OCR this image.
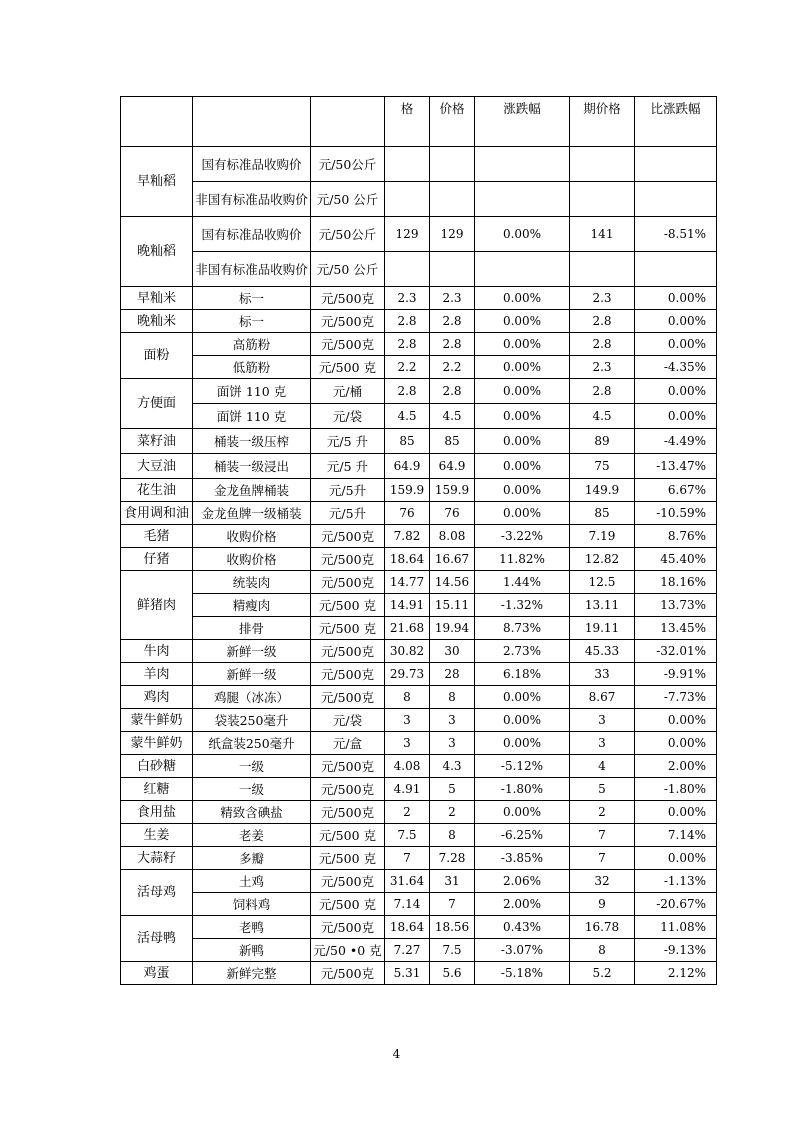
			格	价格	涨跌幅	期价格	比涨跌幅
早籼稻	国有标准品收购价	元/50公斤					
	非国有标准品收购价	元/50 公斤					
晚籼稻	国有标准品收购价	元/50公斤	129	129	0.00%	141	-8.51%
	非国有标准品收购价	元/50 公斤					
早籼米	标一	元/500克	2.3	2.3	0.00%	2.3	0.00%
晚籼米	标一	元/500克	2.8	2.8	0.00%	2.8	0.00%
面粉	高筋粉	元/500克	2.8	2.8	0.00%	2.8	0.00%
	低筋粉	元/500 克	2.2	2.2	0.00%	2.3	-4.35%
方便面	面饼 110 克	元/桶	2.8	2.8	0.00%	2.8	0.00%
	面饼 110 克	元/袋	4.5	4.5	0.00%	4.5	0.00%
菜籽油	桶装一级压榨	元/5 升	85	85	0.00%	89	-4.49%
大豆油	桶装一级浸出	元/5 升	64.9	64.9	0.00%	75	-13.47%
花生油	金龙鱼牌桶装	元/5升	159.9	159.9	0.00%	149.9	6.67%
食用调和油	金龙鱼牌一级桶装	元/5升	76	76	0.00%	85	-10.59%
毛猪	收购价格	元/500克	7.82	8.08	-3.22%	7.19	8.76%
仔猪	收购价格	元/500克	18.64	16.67	11.82%	12.82	45.40%
鲜猪肉	统装肉	元/500克	14.77	14.56	1.44%	12.5	18.16%
	精瘦肉	元/500 克	14.91	15.11	-1.32%	13.11	13.73%
	排骨	元/500 克	21.68	19.94	8.73%	19.11	13.45%
牛肉	新鲜一级	元/500克	30.82	30	2.73%	45.33	-32.01%
羊肉	新鲜一级	元/500克	29.73	28	6.18%	33	-9.91%
鸡肉	鸡腿（冰冻）	元/500克	8	8	0.00%	8.67	-7.73%
蒙牛鲜奶	袋装250毫升	元/袋	3	3	0.00%	3	0.00%
蒙牛鲜奶	纸盒装250毫升	元/盒	3	3	0.00%	3	0.00%
白砂糖	一级	元/500克	4.08	4.3	-5.12%	4	2.00%
红糖	一级	元/500克	4.91	5	-1.80%	5	-1.80%
食用盐	精致含碘盐	元/500克	2	2	0.00%	2	0.00%
生姜	老姜	元/500 克	7.5	8	-6.25%	7	7.14%
大蒜籽	多瓣	元/500 克	7	7.28	-3.85%	7	0.00%
活母鸡	土鸡	元/500克	31.64	31	2.06%	32	-1.13%
	饲料鸡	元/500 克	7.14	7	2.00%	9	-20.67%
活母鸭	老鸭	元/500克	18.64	18.56	0.43%	16.78	11.08%
	新鸭	元/50 •0 克	7.27	7.5	-3.07%	8	-9.13%
鸡蛋	新鲜完整	元/500克	5.31	5.6	-5.18%	5.2	2.12%
4
